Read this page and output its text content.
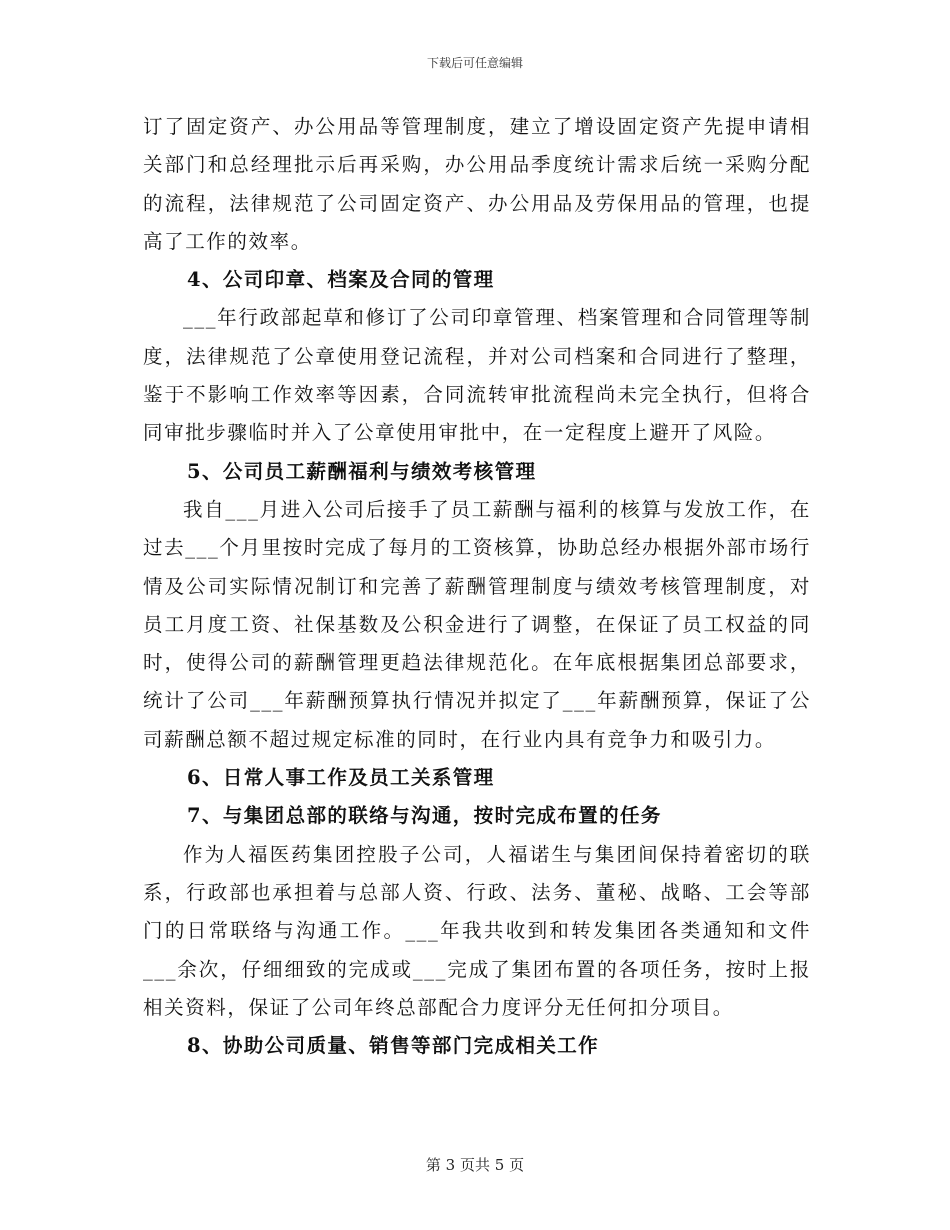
下载后可任意编辑

订了固定资产、办公用品等管理制度，建立了增设固定资产先提申请相关部门和总经理批示后再采购，办公用品季度统计需求后统一采购分配的流程，法律规范了公司固定资产、办公用品及劳保用品的管理，也提高了工作的效率。

4、公司印章、档案及合同的管理

___年行政部起草和修订了公司印章管理、档案管理和合同管理等制度，法律规范了公章使用登记流程，并对公司档案和合同进行了整理，鉴于不影响工作效率等因素，合同流转审批流程尚未完全执行，但将合同审批步骤临时并入了公章使用审批中，在一定程度上避开了风险。

5、公司员工薪酬福利与绩效考核管理

我自___月进入公司后接手了员工薪酬与福利的核算与发放工作，在过去___个月里按时完成了每月的工资核算，协助总经办根据外部市场行情及公司实际情况制订和完善了薪酬管理制度与绩效考核管理制度，对员工月度工资、社保基数及公积金进行了调整，在保证了员工权益的同时，使得公司的薪酬管理更趋法律规范化。在年底根据集团总部要求，统计了公司___年薪酬预算执行情况并拟定了___年薪酬预算，保证了公司薪酬总额不超过规定标准的同时，在行业内具有竞争力和吸引力。

6、日常人事工作及员工关系管理

7、与集团总部的联络与沟通，按时完成布置的任务

作为人福医药集团控股子公司，人福诺生与集团间保持着密切的联系，行政部也承担着与总部人资、行政、法务、董秘、战略、工会等部门的日常联络与沟通工作。___年我共收到和转发集团各类通知和文件___余次，仔细细致的完成或___完成了集团布置的各项任务，按时上报相关资料，保证了公司年终总部配合力度评分无任何扣分项目。

8、协助公司质量、销售等部门完成相关工作

第 3 页共 5 页
